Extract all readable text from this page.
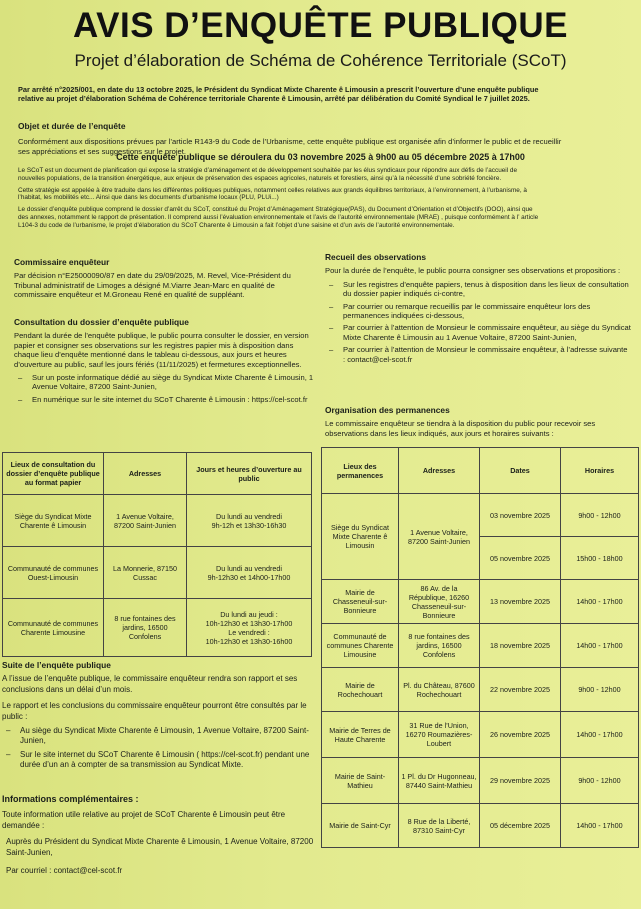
AVIS D’ENQUÊTE PUBLIQUE
Projet d’élaboration de Schéma de Cohérence Territoriale (SCoT)
Par arrêté n°2025/001, en date du 13 octobre 2025, le Président du Syndicat Mixte Charente ê Limousin a prescrit l’ouverture d’une enquête publique
relative au projet d’élaboration Schéma de Cohérence territoriale Charente ê Limousin, arrêté par délibération du Comité Syndical le 7 juillet 2025.
Objet et durée de l’enquête
Conformément aux dispositions prévues par l’article R143-9 du Code de l’Urbanisme, cette enquête publique est organisée afin d’informer le public et de recueillir
ses appréciations et ses suggestions sur le projet.
Cette enquête publique se déroulera du 03 novembre 2025 à 9h00 au 05 décembre 2025 à 17h00
Le SCoT est un document de planification qui expose la stratégie d’aménagement et de développement souhaitée par les élus syndicaux pour répondre aux défis de l’accueil de
nouvelles populations, de la transition énergétique, aux enjeux de préservation des espaces agricoles, naturels et forestiers, ainsi qu’à la nécessité d’une sobriété foncière.
Cette stratégie est appelée à être traduite dans les différentes politiques publiques, notamment celles relatives aux grands équilibres territoriaux, à l’environnement, à l’urbanisme, à
l’habitat, les mobilités etc... Ainsi que dans les documents d’urbanisme locaux (PLU, PLUi...)
Le dossier d’enquête publique comprend le dossier d’arrêt du SCoT, constitué du Projet d’Aménagement Stratégique(PAS), du Document d’Orientation et d’Objectifs (DOO), ainsi que
des annexes, notamment le rapport de présentation. Il comprend aussi l’évaluation environnementale et l’avis de l’autorité environnementale (MRAE) , puisque conformément à l’ article
L104-3 du code de l’urbanisme, le projet d’élaboration du SCoT Charente ê Limousin a fait l’objet d’une saisine et d’un avis de l’autorité environnementale.
Commissaire enquêteur
Par décision n°E25000090/87 en date du 29/09/2025, M. Revel, Vice-Président du Tribunal administratif de Limoges a désigné M.Viarre Jean-Marc en qualité de commissaire enquêteur et M.Groneau René en qualité de suppléant.
Consultation du dossier d’enquête publique
Pendant la durée de l’enquête publique, le public pourra consulter le dossier, en version papier et consigner ses observations sur les registres papier mis à disposition dans chaque lieu d’enquête mentionné dans le tableau ci-dessous, aux jours et heures d’ouverture au public, sauf les jours fériés (11/11/2025) et fermetures exceptionnelles.
– Sur un poste informatique dédié au siège du Syndicat Mixte Charente ê Limousin, 1 Avenue Voltaire, 87200 Saint-Junien,
– En numérique sur le site internet du SCoT Charente ê Limousin : https://cel-scot.fr
Recueil des observations
Pour la durée de l’enquête, le public pourra consigner ses observations et propositions :
– Sur les registres d’enquête papiers, tenus à disposition dans les lieux de consultation du dossier papier indiqués ci-contre,
– Par courrier ou remarque recueillis par le commissaire enquêteur lors des permanences indiquées ci-dessous,
– Par courrier à l’attention de Monsieur le commissaire enquêteur, au siège du Syndicat Mixte Charente ê Limousin au 1 Avenue Voltaire, 87200 Saint-Junien,
– Par courrier à l’attention de Monsieur le commissaire enquêteur, à l’adresse suivante : contact@cel-scot.fr
Organisation des permanences
Le commissaire enquêteur se tiendra à la disposition du public pour recevoir ses observations dans les lieux indiqués, aux jours et horaires suivants :
Lieux de consultation du dossier d’enquête publique au format papier	Adresses	Jours et heures d’ouverture au public
Siège du Syndicat Mixte Charente ê Limousin	1 Avenue Voltaire, 87200 Saint-Junien	Du lundi au vendredi
9h-12h et 13h30-16h30

Communauté de communes Ouest-Limousin	La Monnerie, 87150 Cussac	Du lundi au vendredi
9h-12h30 et 14h00-17h00

Communauté de communes Charente Limousine	8 rue fontaines des jardins, 16500 Confolens	Du lundi au jeudi :
10h-12h30 et 13h30-17h00
Le vendredi :
10h-12h30 et 13h30-16h00
Lieux des permanences	Adresses	Dates	Horaires
Siège du Syndicat Mixte Charente ê Limousin	1 Avenue Voltaire, 87200 Saint-Junien	03 novembre 2025	9h00 - 12h00
		05 novembre 2025	15h00 - 18h00
Mairie de Chasseneuil-sur-Bonnieure	86 Av. de la République, 16260 Chasseneuil-sur-Bonnieure	13 novembre 2025	14h00 - 17h00
Communauté de communes Charente Limousine	8 rue fontaines des jardins, 16500 Confolens	18 novembre 2025	14h00 - 17h00
Mairie de Rochechouart	Pl. du Château, 87600 Rochechouart	22 novembre 2025	9h00 - 12h00
Mairie de Terres de Haute Charente	31 Rue de l’Union, 16270 Roumazières-Loubert	26 novembre 2025	14h00 - 17h00
Mairie de Saint-Mathieu	1 Pl. du Dr Hugonneau, 87440 Saint-Mathieu	29 novembre 2025	9h00 - 12h00
Mairie de Saint-Cyr	8 Rue de la Liberté, 87310 Saint-Cyr	05 décembre 2025	14h00 - 17h00
Suite de l’enquête publique
A l’issue de l’enquête publique, le commissaire enquêteur rendra son rapport et ses conclusions dans un délai d’un mois.
Le rapport et les conclusions du commissaire enquêteur pourront être consultés par le public :
– Au siège du Syndicat Mixte Charente ê Limousin, 1 Avenue Voltaire, 87200 Saint-Junien,
– Sur le site internet du SCoT Charente ê Limousin ( https://cel-scot.fr) pendant une durée d’un an à compter de sa transmission au Syndicat Mixte.
Informations complémentaires :
Toute information utile relative au projet de SCoT Charente ê Limousin peut être demandée :
Auprès du Président du Syndicat Mixte Charente ê Limousin, 1 Avenue Voltaire, 87200 Saint-Junien,
Par courriel : contact@cel-scot.fr
